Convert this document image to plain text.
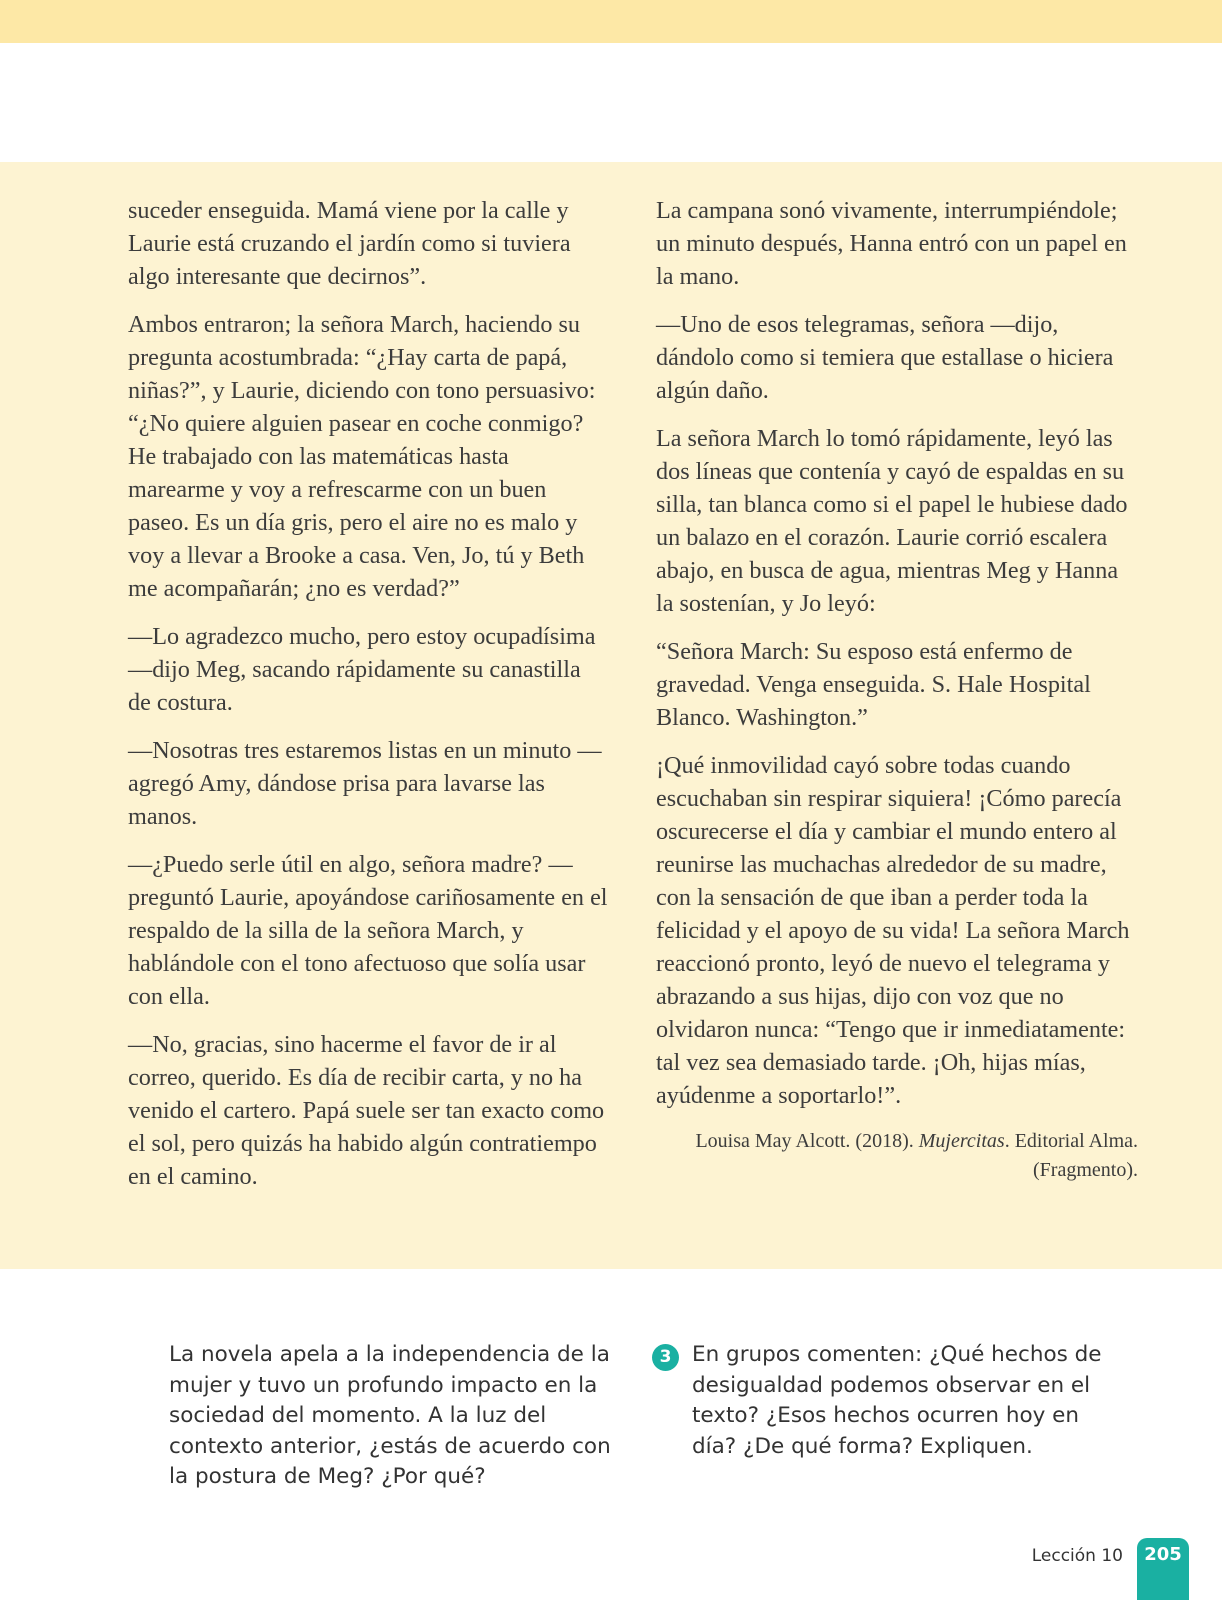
suceder enseguida. Mamá viene por la calle y Laurie está cruzando el jardín como si tuviera algo interesante que decirnos”.

Ambos entraron; la señora March, haciendo su pregunta acostumbrada: “¿Hay carta de papá, niñas?”, y Laurie, diciendo con tono persuasivo: “¿No quiere alguien pasear en coche conmigo? He trabajado con las matemáticas hasta marearme y voy a refrescarme con un buen paseo. Es un día gris, pero el aire no es malo y voy a llevar a Brooke a casa. Ven, Jo, tú y Beth me acompañarán; ¿no es verdad?”

—Lo agradezco mucho, pero estoy ocupadísima —dijo Meg, sacando rápidamente su canastilla de costura.

—Nosotras tres estaremos listas en un minuto —agregó Amy, dándose prisa para lavarse las manos.

—¿Puedo serle útil en algo, señora madre? —preguntó Laurie, apoyándose cariñosamente en el respaldo de la silla de la señora March, y hablándole con el tono afectuoso que solía usar con ella.

—No, gracias, sino hacerme el favor de ir al correo, querido. Es día de recibir carta, y no ha venido el cartero. Papá suele ser tan exacto como el sol, pero quizás ha habido algún contratiempo en el camino.

La campana sonó vivamente, interrumpiéndole; un minuto después, Hanna entró con un papel en la mano.

—Uno de esos telegramas, señora —dijo, dándolo como si temiera que estallase o hiciera algún daño.

La señora March lo tomó rápidamente, leyó las dos líneas que contenía y cayó de espaldas en su silla, tan blanca como si el papel le hubiese dado un balazo en el corazón. Laurie corrió escalera abajo, en busca de agua, mientras Meg y Hanna la sostenían, y Jo leyó:

“Señora March: Su esposo está enfermo de gravedad. Venga enseguida. S. Hale Hospital Blanco. Washington.”

¡Qué inmovilidad cayó sobre todas cuando escuchaban sin respirar siquiera! ¡Cómo parecía oscurecerse el día y cambiar el mundo entero al reunirse las muchachas alrededor de su madre, con la sensación de que iban a perder toda la felicidad y el apoyo de su vida! La señora March reaccionó pronto, leyó de nuevo el telegrama y abrazando a sus hijas, dijo con voz que no olvidaron nunca: “Tengo que ir inmediatamente: tal vez sea demasiado tarde. ¡Oh, hijas mías, ayúdenme a soportarlo!”.

Louisa May Alcott. (2018). Mujercitas. Editorial Alma. (Fragmento).
La novela apela a la independencia de la mujer y tuvo un profundo impacto en la sociedad del momento. A la luz del contexto anterior, ¿estás de acuerdo con la postura de Meg? ¿Por qué?
3 En grupos comenten: ¿Qué hechos de desigualdad podemos observar en el texto? ¿Esos hechos ocurren hoy en día? ¿De qué forma? Expliquen.
Lección 10	205
